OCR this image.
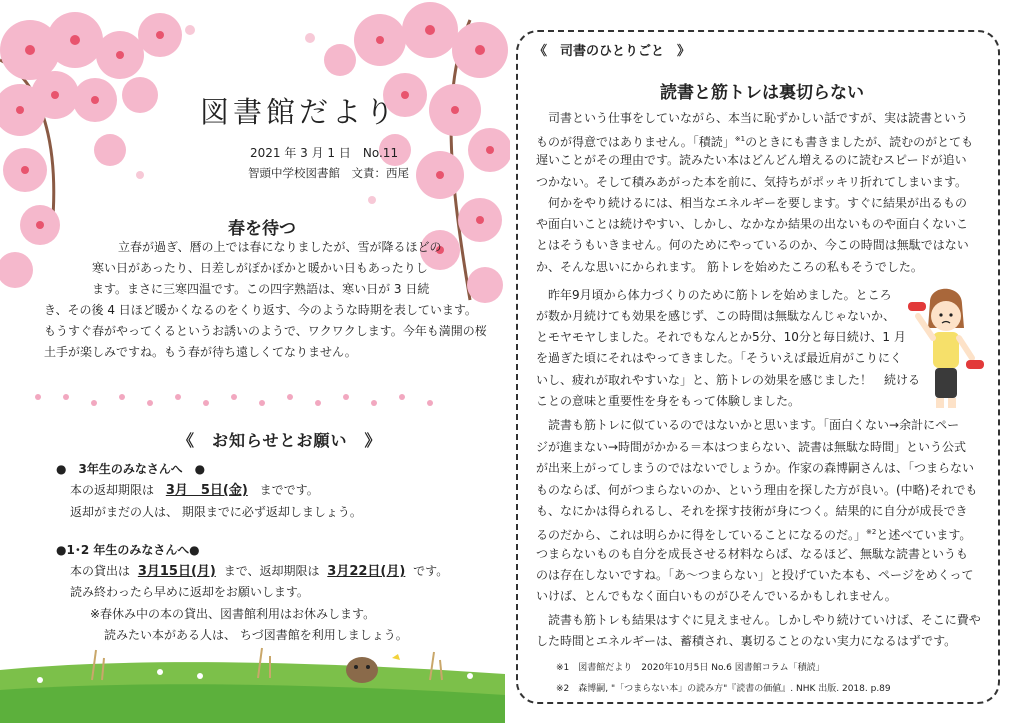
図書館だより
2021 年 3 月 1 日　No.11
智頭中学校図書館　文責：西尾
春を待つ
立春が過ぎ、暦の上では春になりましたが、雪が降るほどの
寒い日があったり、日差しがぽかぽかと暖かい日もあったりし
ます。まさに三寒四温です。この四字熟語は、寒い日が 3 日続
き、その後 4 日ほど暖かくなるのをくり返す、今のような時期を表しています。
もうすぐ春がやってくるというお誘いのようで、ワクワクします。今年も満開の桜
土手が楽しみですね。もう春が待ち遠しくてなりません。
《　お知らせとお願い　》
●　3年生のみなさんへ　●
本の返却期限は 3月　5日(金) までです。
返却がまだの人は、 期限までに必ず返却しましょう。
●1･2 年生のみなさんへ●
本の貸出は 3月15日(月) まで、返却期限は 3月22日(月) です。
読み終わったら早めに返却をお願いします。
※春休み中の本の貸出、図書館利用はお休みします。
読みたい本がある人は、 ちづ図書館を利用しましょう。
《　司書のひとりごと　》
読書と筋トレは裏切らない
　司書という仕事をしていながら、本当に恥ずかしい話ですが、実は読書という
ものが得意ではありません。「積読」$^{※1}$のときにも書きましたが、読むのがとても
遅いことがその理由です。読みたい本はどんどん増えるのに読むスピードが追い
つかない。そして積みあがった本を前に、気持ちがポッキリ折れてしまいます。
　何かをやり続けるには、相当なエネルギーを要します。すぐに結果が出るもの
や面白いことは続けやすい、しかし、なかなか結果の出ないものや面白くないこ
とはそうもいきません。何のためにやっているのか、今この時間は無駄ではない
か、そんな思いにかられます。 筋トレを始めたころの私もそうでした。
　昨年9月頃から体力づくりのために筋トレを始めました。ところ
が数か月続けても効果を感じず、この時間は無駄なんじゃないか、
とモヤモヤしました。それでもなんとか5分、10分と毎日続け、1 月
を過ぎた頃にそれはやってきました。「そういえば最近肩がこりにく
いし、疲れが取れやすいな」と、筋トレの効果を感じました！　続ける
ことの意味と重要性を身をもって体験しました。
　読書も筋トレに似ているのではないかと思います。「面白くない→余計にペー
ジが進まない→時間がかかる＝本はつまらない、読書は無駄な時間」という公式
が出来上がってしまうのではないでしょうか。作家の森博嗣さんは、「つまらない
ものならば、何がつまらないのか、という理由を探した方が良い。(中略)それでも
も、なにかは得られるし、それを探す技術が身につく。結果的に自分が成長でき
るのだから、これは明らかに得をしていることになるのだ。」$^{※2}$と述べています。
つまらないものも自分を成長させる材料ならば、なるほど、無駄な読書というも
のは存在しないですね。「あ～つまらない」と投げていた本も、ページをめくって
いけば、とんでもなく面白いものがひそんでいるかもしれません。
　読書も筋トレも結果はすぐに見えません。しかしやり続けていけば、そこに費や
した時間とエネルギーは、蓄積され、裏切ることのない実力になるはずです。
※1　図書館だより　2020年10月5日 No.6 図書館コラム「積読」
※2　森博嗣, "「つまらない本」の読み方"『読書の価値』. NHK 出版. 2018. p.89
